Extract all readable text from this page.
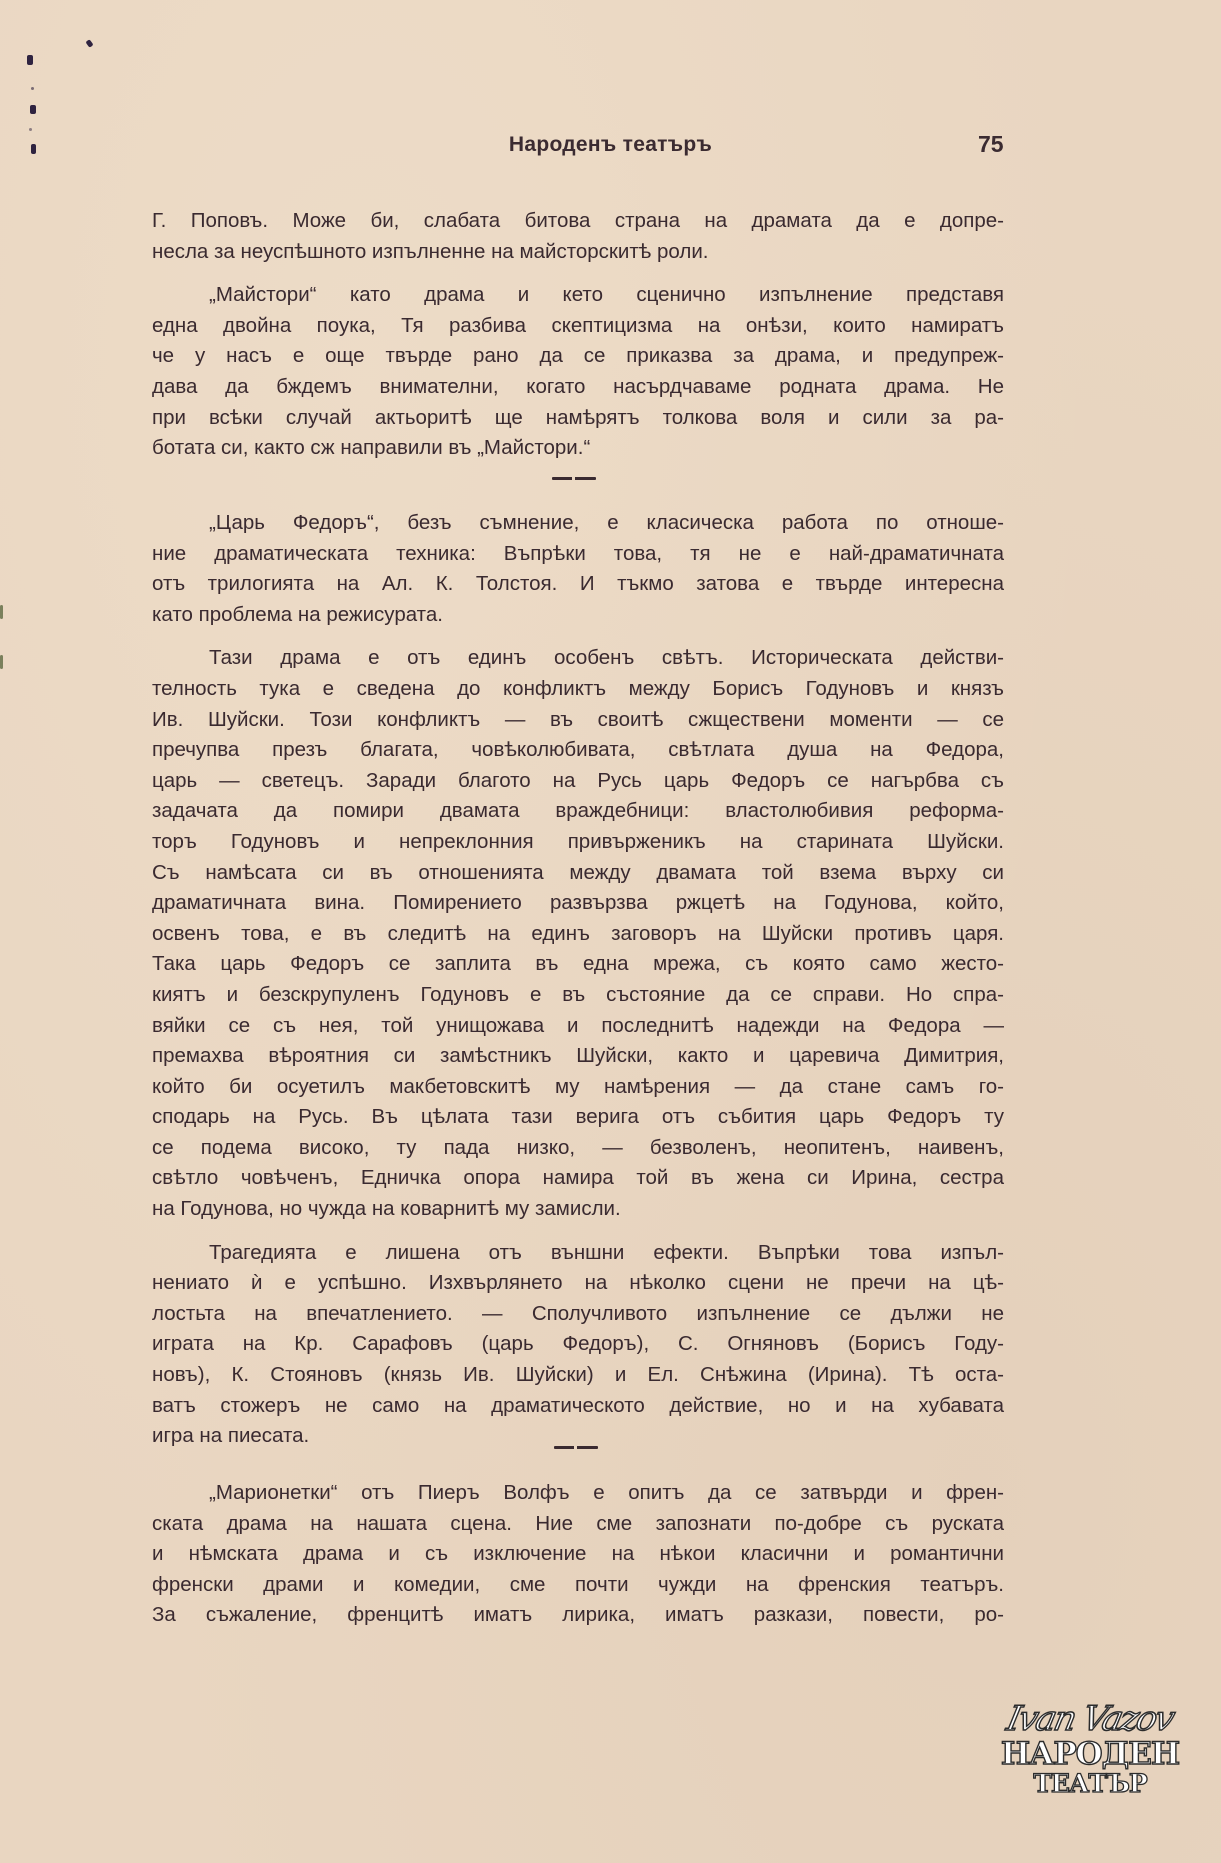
Народенъ театъръ	75

Г. Поповъ. Може би, слабата битова страна на драмата да е допре-
несла за неуспѣшното изпълненне на майсторскитѣ роли.

„Майстори“ като драма и кето сценично изпълнение представя
една двойна поука, Тя разбива скептицизма на онѣзи, които намиратъ
че у насъ е още твърде рано да се приказва за драма, и предупреж-
дава да бждемъ внимателни, когато насърдчаваме родната драма. Не
при всѣки случай актьоритѣ ще намѣрятъ толкова воля и сили за ра-
ботата си, както сж направили въ „Майстори.“

„Царь Федоръ“, безъ съмнение, е класическа работа по отноше-
ние драматическата техника: Въпрѣки това, тя не е най-драматичната
отъ трилогията на Ал. К. Толстоя. И тъкмо затова е твърде интересна
като проблема на режисурата.

Тази драма е отъ единъ особенъ свѣтъ. Историческата действи-
телность тука е сведена до конфликтъ между Борисъ Годуновъ и князъ
Ив. Шуйски. Този конфликтъ — въ своитѣ сжществени моменти — се
пречупва презъ благата, човѣколюбивата, свѣтлата душа на Федора,
царь — светецъ. Заради благото на Русь царь Федоръ се нагърбва съ
задачата да помири двамата враждебници: властолюбивия реформа-
торъ Годуновъ и непреклонния привърженикъ на старината Шуйски.
Съ намѣсата си въ отношенията между двамата той взема върху си
драматичната вина. Помирението развързва ржцетѣ на Годунова, който,
освенъ това, е въ следитѣ на единъ заговоръ на Шуйски противъ царя.
Така царь Федоръ се заплита въ една мрежа, съ която само жесто-
киятъ и безскрупуленъ Годуновъ е въ състояние да се справи. Но спра-
вяйки се съ нея, той унищожава и последнитѣ надежди на Федора —
премахва вѣроятния си замѣстникъ Шуйски, както и царевича Димитрия,
който би осуетилъ макбетовскитѣ му намѣрения — да стане самъ го-
сподарь на Русь. Въ цѣлата тази верига отъ събития царь Федоръ ту
се подема високо, ту пада низко, — безволенъ, неопитенъ, наивенъ,
свѣтло човѣченъ, Едничка опора намира той въ жена си Ирина, сестра
на Годунова, но чужда на коварнитѣ му замисли.

Трагедията е лишена отъ външни ефекти. Въпрѣки това изпъл-
нениато ѝ е успѣшно. Изхвърлянето на нѣколко сцени не пречи на цѣ-
лостьта на впечатлението. — Сполучливото изпълнение се дължи не
играта на Кр. Сарафовъ (царь Федоръ), С. Огняновъ (Борисъ Году-
новъ), К. Стояновъ (князь Ив. Шуйски) и Ел. Снѣжина (Ирина). Тѣ оста-
ватъ стожеръ не само на драматическото действие, но и на хубавата
игра на пиесата.

„Марионетки“ отъ Пиеръ Волфъ е опитъ да се затвърди и френ-
ската драма на нашата сцена. Ние сме запознати по-добре съ руската
и нѣмската драма и съ изключение на нѣкои класични и романтични
френски драми и комедии, сме почти чужди на френския театъръ.
За съжаление, френцитѣ иматъ лирика, иматъ разкази, повести, ро-

Ivan Vazov
НАРОДЕН
ТЕАТЪР
